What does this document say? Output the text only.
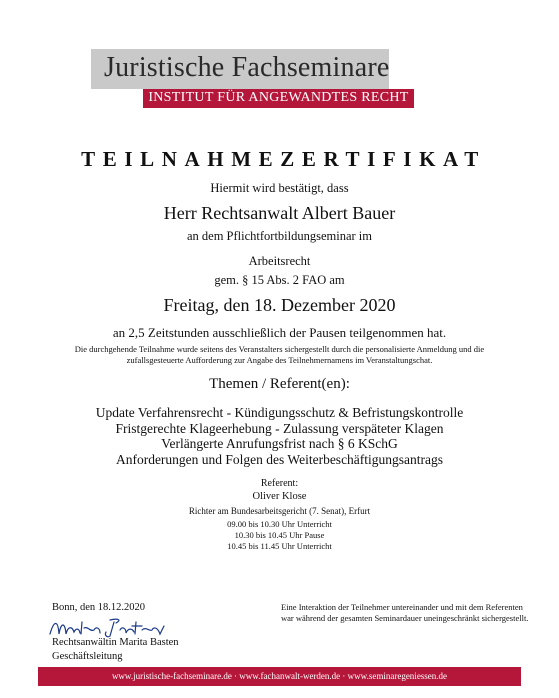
Juristische Fachseminare
INSTITUT FÜR ANGEWANDTES RECHT
TEILNAHMEZERTIFIKAT
Hiermit wird bestätigt, dass
Herr Rechtsanwalt Albert Bauer
an dem Pflichtfortbildungseminar im
Arbeitsrecht
gem. § 15 Abs. 2 FAO am
Freitag, den 18. Dezember 2020
an 2,5 Zeitstunden ausschließlich der Pausen teilgenommen hat.
Die durchgehende Teilnahme wurde seitens des Veranstalters sichergestellt durch die personalisierte Anmeldung und die
zufallsgesteuerte Aufforderung zur Angabe des Teilnehmernamens im Veranstaltungschat.
Themen / Referent(en):
Update Verfahrensrecht - Kündigungsschutz & Befristungskontrolle
Fristgerechte Klageerhebung - Zulassung verspäteter Klagen
Verlängerte Anrufungsfrist nach § 6 KSchG
Anforderungen und Folgen des Weiterbeschäftigungsantrags
Referent:
Oliver Klose
Richter am Bundesarbeitsgericht (7. Senat), Erfurt
09.00 bis 10.30 Uhr Unterricht
10.30 bis 10.45 Uhr Pause
10.45 bis 11.45 Uhr Unterricht
Bonn, den 18.12.2020
Rechtsanwältin Marita Basten
Geschäftsleitung
Eine Interaktion der Teilnehmer untereinander und mit dem Referenten war während der gesamten Seminardauer uneingeschränkt sichergestellt.
www.juristische-fachseminare.de · www.fachanwalt-werden.de · www.seminaregeniessen.de
